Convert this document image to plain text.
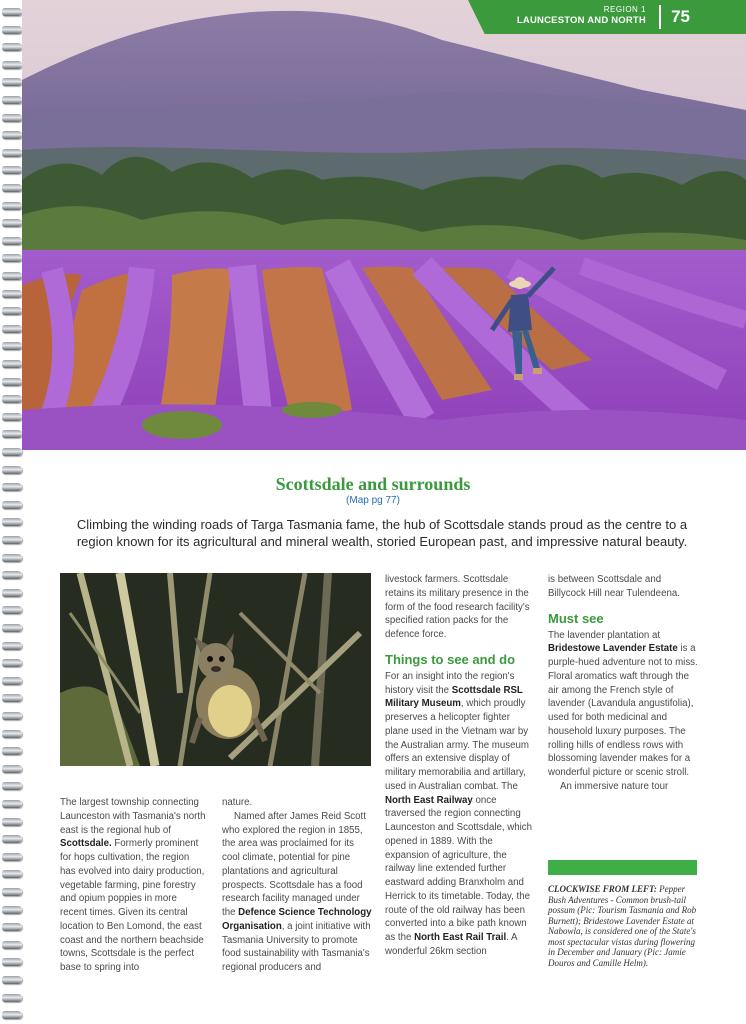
REGION 1
LAUNCESTON AND NORTH	75
Scottsdale and surrounds
(Map pg 77)
Climbing the winding roads of Targa Tasmania fame, the hub of Scottsdale stands proud as the centre to a region known for its agricultural and mineral wealth, storied European past, and impressive natural beauty.

The largest township connecting Launceston with Tasmania's north east is the regional hub of Scottsdale. Formerly prominent for hops cultivation, the region has evolved into dairy production, vegetable farming, pine forestry and opium poppies in more recent times. Given its central location to Ben Lomond, the east coast and the northern beachside towns, Scottsdale is the perfect base to spring into

nature.

Named after James Reid Scott who explored the region in 1855, the area was proclaimed for its cool climate, potential for pine plantations and agricultural prospects. Scottsdale has a food research facility managed under the Defence Science Technology Organisation, a joint initiative with Tasmania University to promote food sustainability with Tasmania's regional producers and

livestock farmers. Scottsdale retains its military presence in the form of the food research facility's specified ration packs for the defence force.

Things to see and do

For an insight into the region's history visit the Scottsdale RSL Military Museum, which proudly preserves a helicopter fighter plane used in the Vietnam war by the Australian army. The museum offers an extensive display of military memorabilia and artillary, used in Australian combat. The North East Railway once traversed the region connecting Launceston and Scottsdale, which opened in 1889. With the expansion of agriculture, the railway line extended further eastward adding Branxholm and Herrick to its timetable. Today, the route of the old railway has been converted into a bike path known as the North East Rail Trail. A wonderful 26km section

is between Scottsdale and Billycock Hill near Tulendeena.

Must see

The lavender plantation at Bridestowe Lavender Estate is a purple-hued adventure not to miss. Floral aromatics waft through the air among the French style of lavender (Lavandula angustifolia), used for both medicinal and household luxury purposes. The rolling hills of endless rows with blossoming lavender makes for a wonderful picture or scenic stroll.

An immersive nature tour

CLOCKWISE FROM LEFT: Pepper Bush Adventures - Common brush-tail possum (Pic: Tourism Tasmania and Rob Burnett); Bridestowe Lavender Estate at Nabowla, is considered one of the State's most spectacular vistas during flowering in December and January (Pic: Jamie Douros and Camille Helm).
